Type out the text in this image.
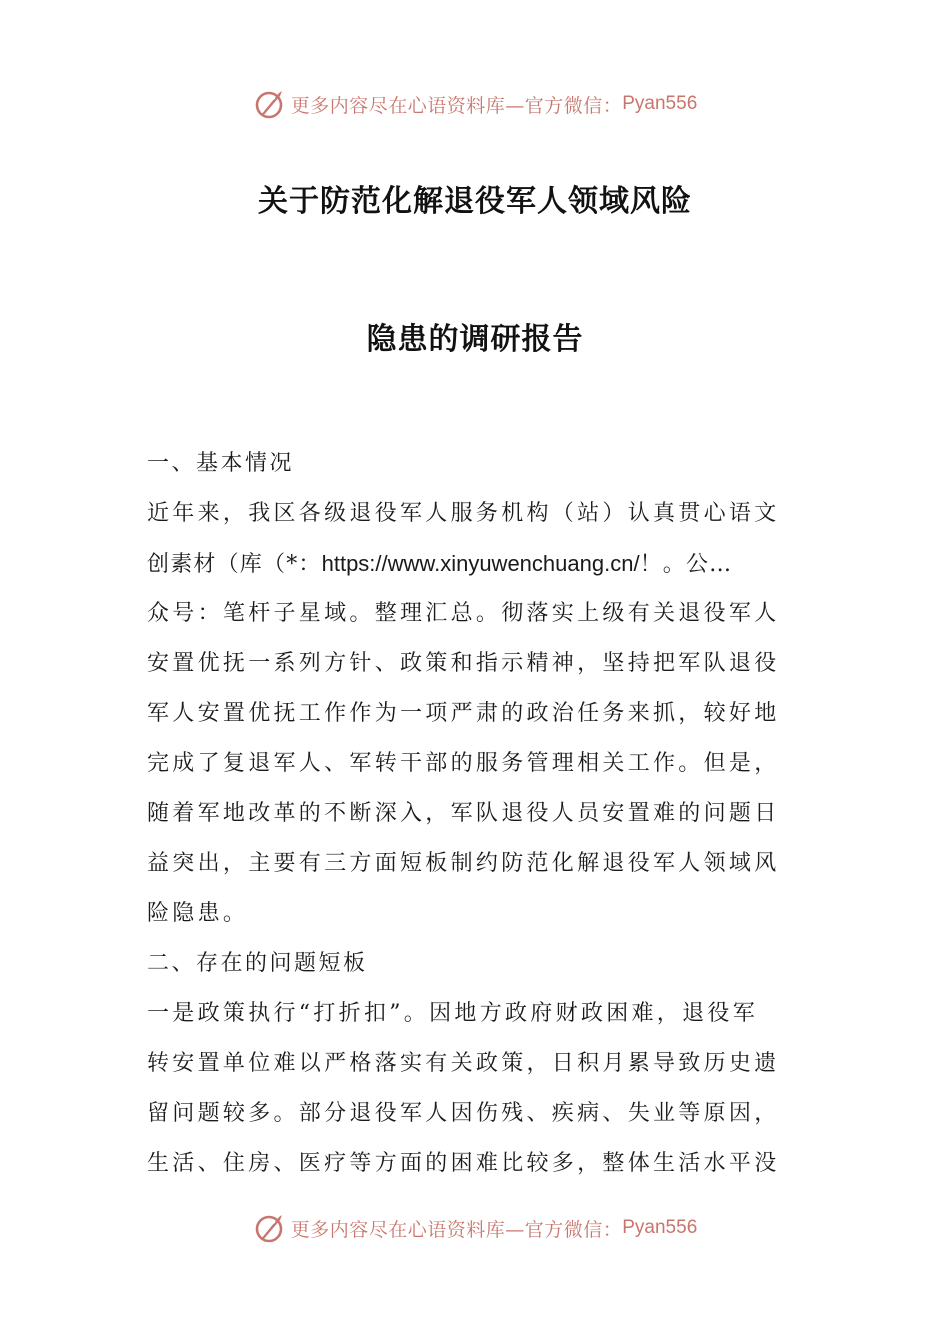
更多内容尽在心语资料库—官方微信： Pyan556
关于防范化解退役军人领域风险
隐患的调研报告
一、基本情况
近年来，我区各级退役军人服务机构（站）认真贯心语文
创素材（库（*：https://www.xinyuwenchuang.cn/！。公…
众号：笔杆子星域。整理汇总。彻落实上级有关退役军人
安置优抚一系列方针、政策和指示精神，坚持把军队退役
军人安置优抚工作作为一项严肃的政治任务来抓，较好地
完成了复退军人、军转干部的服务管理相关工作。但是，
随着军地改革的不断深入，军队退役人员安置难的问题日
益突出，主要有三方面短板制约防范化解退役军人领域风
险隐患。
二、存在的问题短板
一是政策执行“打折扣”。因地方政府财政困难，退役军
转安置单位难以严格落实有关政策，日积月累导致历史遗
留问题较多。部分退役军人因伤残、疾病、失业等原因，
生活、住房、医疗等方面的困难比较多，整体生活水平没
更多内容尽在心语资料库—官方微信： Pyan556
